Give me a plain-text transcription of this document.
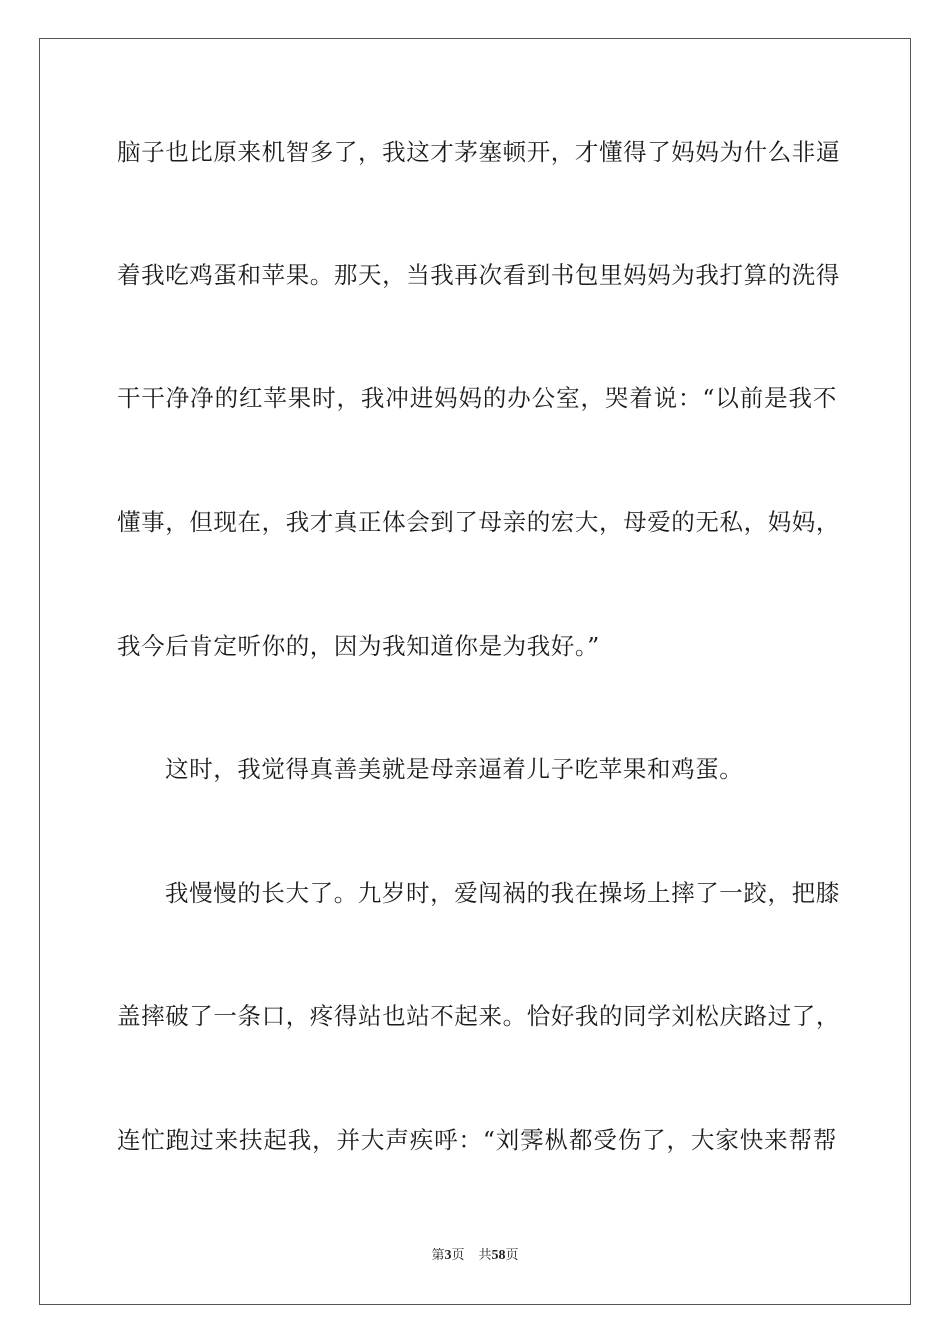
脑子也比原来机智多了，我这才茅塞顿开，才懂得了妈妈为什么非逼
着我吃鸡蛋和苹果。那天，当我再次看到书包里妈妈为我打算的洗得
干干净净的红苹果时，我冲进妈妈的办公室，哭着说：“以前是我不
懂事，但现在，我才真正体会到了母亲的宏大，母爱的无私，妈妈，
我今后肯定听你的，因为我知道你是为我好。”
这时，我觉得真善美就是母亲逼着儿子吃苹果和鸡蛋。
我慢慢的长大了。九岁时，爱闯祸的我在操场上摔了一跤，把膝
盖摔破了一条口，疼得站也站不起来。恰好我的同学刘松庆路过了，
连忙跑过来扶起我，并大声疾呼：“刘霁枞都受伤了，大家快来帮帮
第3页 共58页
